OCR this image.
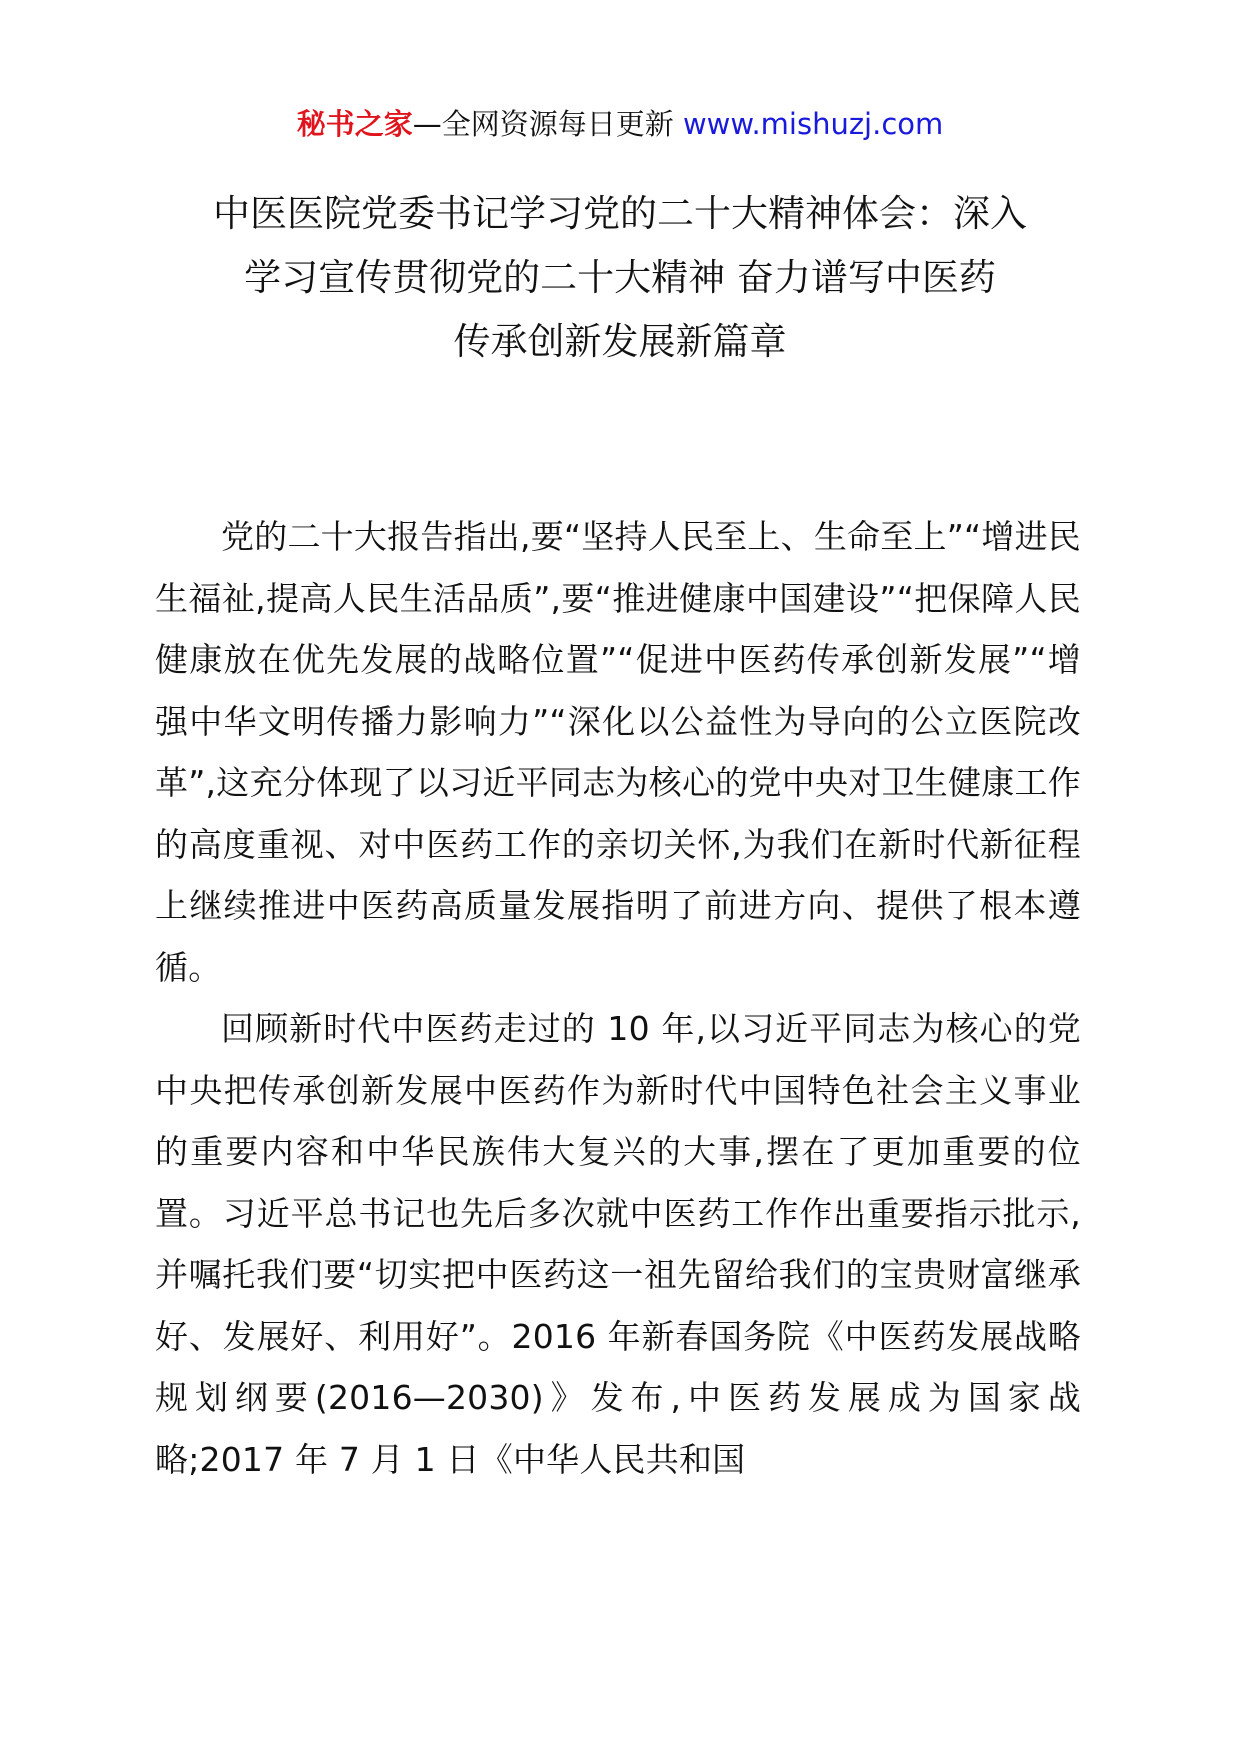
秘书之家—全网资源每日更新 www.mishuzj.com
中医医院党委书记学习党的二十大精神体会：深入
学习宣传贯彻党的二十大精神 奋力谱写中医药
传承创新发展新篇章

党的二十大报告指出,要“坚持人民至上、生命至上”“增进民生福祉,提高人民生活品质”,要“推进健康中国建设”“把保障人民健康放在优先发展的战略位置”“促进中医药传承创新发展”“增强中华文明传播力影响力”“深化以公益性为导向的公立医院改革”,这充分体现了以习近平同志为核心的党中央对卫生健康工作的高度重视、对中医药工作的亲切关怀,为我们在新时代新征程上继续推进中医药高质量发展指明了前进方向、提供了根本遵循。

回顾新时代中医药走过的 10 年,以习近平同志为核心的党中央把传承创新发展中医药作为新时代中国特色社会主义事业的重要内容和中华民族伟大复兴的大事,摆在了更加重要的位置。习近平总书记也先后多次就中医药工作作出重要指示批示,并嘱托我们要“切实把中医药这一祖先留给我们的宝贵财富继承好、发展好、利用好”。2016 年新春国务院《中医药发展战略规划纲要(2016—2030)》发布,中医药发展成为国家战略;2017 年 7 月 1 日《中华人民共和国
